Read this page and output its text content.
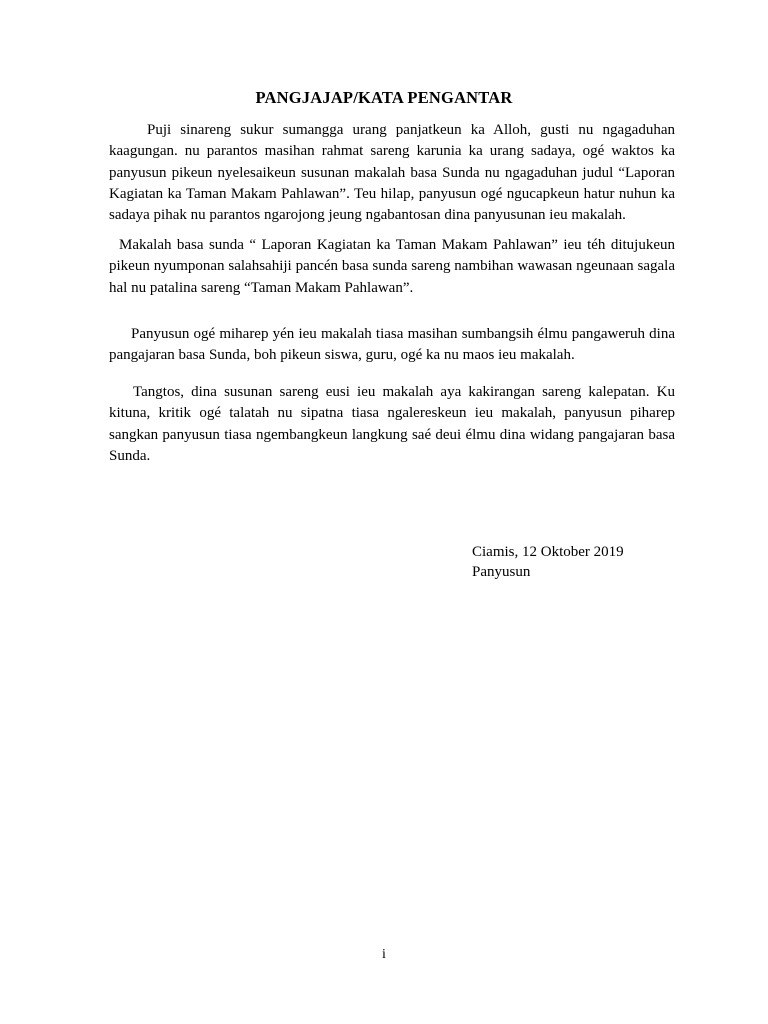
PANGJAJAP/KATA PENGANTAR
Puji sinareng sukur sumangga urang panjatkeun ka Alloh, gusti nu ngagaduhan kaagungan. nu parantos masihan rahmat sareng karunia ka urang sadaya, ogé waktos ka panyusun pikeun nyelesaikeun susunan makalah basa Sunda nu ngagaduhan judul “Laporan Kagiatan ka Taman Makam Pahlawan”. Teu hilap, panyusun ogé ngucapkeun hatur nuhun ka sadaya pihak nu parantos ngarojong jeung ngabantosan dina panyusunan ieu makalah.
Makalah basa sunda “ Laporan Kagiatan ka Taman Makam Pahlawan” ieu téh ditujukeun pikeun nyumponan salahsahiji pancén basa sunda sareng nambihan wawasan ngeunaan sagala hal nu patalina sareng “Taman Makam Pahlawan”.
Panyusun ogé miharep yén ieu makalah tiasa masihan sumbangsih élmu pangaweruh dina pangajaran basa Sunda, boh pikeun siswa, guru, ogé ka nu maos ieu makalah.
Tangtos, dina susunan sareng eusi ieu makalah aya kakirangan sareng kalepatan. Ku kituna, kritik ogé talatah nu sipatna tiasa ngalereskeun ieu makalah, panyusun piharep sangkan panyusun tiasa ngembangkeun langkung saé deui élmu dina widang pangajaran basa Sunda.
Ciamis, 12 Oktober 2019
Panyusun
i
